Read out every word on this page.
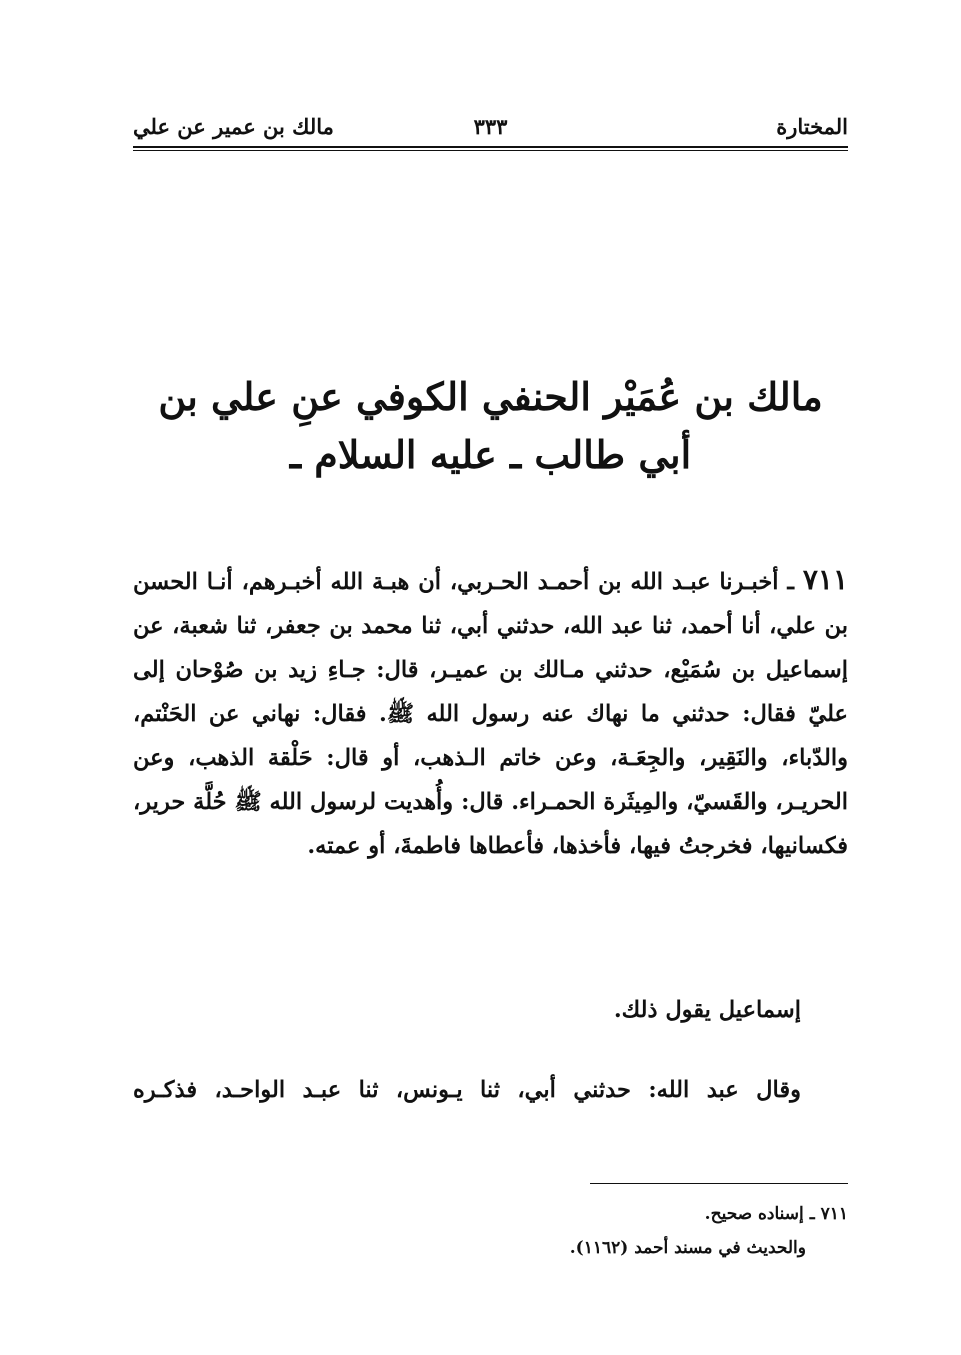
المختارة
٣٣٣
مالك بن عمير عن علي
مالك بن عُمَيْر الحنفي الكوفي عنِ علي بن
أبي طالب ـ عليه السلام ـ
٧١١ ـ أخبـرنا عبـد الله بن أحمـد الحـربي، أن هبـة الله أخبـرهم، أنـا الحسن بن علي، أنا أحمد، ثنا عبد الله، حدثني أبي، ثنا محمد بن جعفر، ثنا شعبة، عن إسماعيل بن سُمَيْع، حدثني مـالك بن عميـر، قال: جـاءِ زيد بن صُوْحان إلى عليّ فقال: حدثني ما نهاك عنه رسول الله ﷺ. فقال: نهاني عن الحَنْتم، والدّباء، والنَقِير، والجِعَـة، وعن خاتم الـذهب، أو قال: حَلْقة الذهب، وعن الحريـر، والقَسيّ، والمِيثَرة الحمـراء. قال: وأُهديت لرسول الله ﷺ حُلَّة حرير، فكسانيها، فخرجتُ فيها، فأخذها، فأعطاها فاطمةَ، أو عمته.
إسماعيل يقول ذلك.
وقال عبد الله: حدثني أبي، ثنا يـونس، ثنا عبـد الواحـد، فذكـره
٧١١ ـ إسناده صحيح.
والحديث في مسند أحمد (١١٦٢).
